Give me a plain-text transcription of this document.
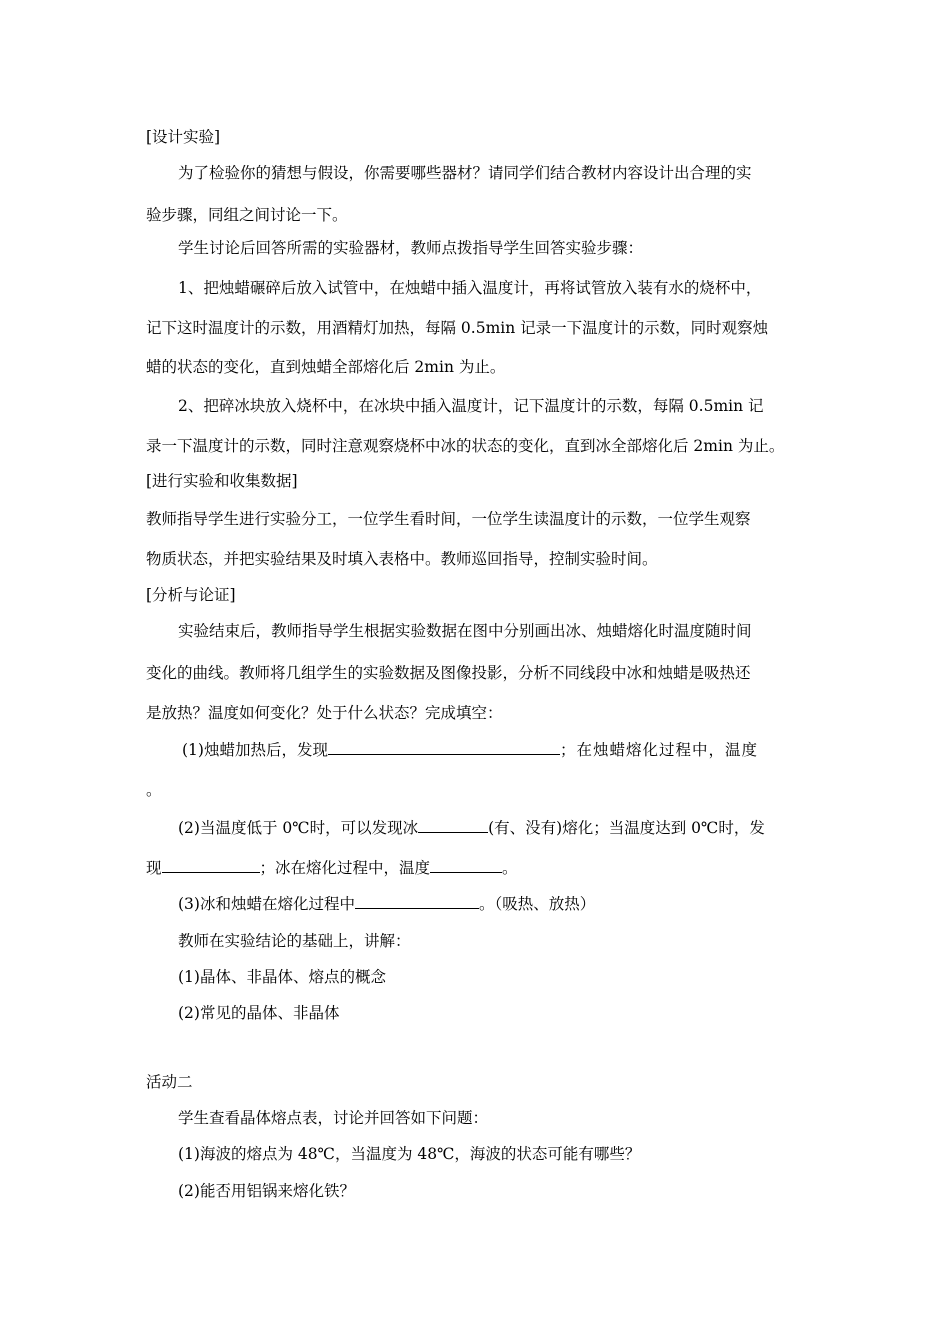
[设计实验]
为了检验你的猜想与假设，你需要哪些器材？请同学们结合教材内容设计出合理的实
验步骤，同组之间讨论一下。
学生讨论后回答所需的实验器材，教师点拨指导学生回答实验步骤：
1、把烛蜡碾碎后放入试管中，在烛蜡中插入温度计，再将试管放入装有水的烧杯中，
记下这时温度计的示数，用酒精灯加热，每隔 0.5min 记录一下温度计的示数，同时观察烛
蜡的状态的变化，直到烛蜡全部熔化后 2min 为止。
2、把碎冰块放入烧杯中，在冰块中插入温度计，记下温度计的示数，每隔 0.5min 记
录一下温度计的示数，同时注意观察烧杯中冰的状态的变化，直到冰全部熔化后 2min 为止。
[进行实验和收集数据]
教师指导学生进行实验分工，一位学生看时间，一位学生读温度计的示数，一位学生观察
物质状态，并把实验结果及时填入表格中。教师巡回指导，控制实验时间。
[分析与论证]
实验结束后，教师指导学生根据实验数据在图中分别画出冰、烛蜡熔化时温度随时间
变化的曲线。教师将几组学生的实验数据及图像投影，分析不同线段中冰和烛蜡是吸热还
是放热？温度如何变化？处于什么状态？完成填空：
(1)烛蜡加热后，发现	；在烛蜡熔化过程中，温度
。
(2)当温度低于 0℃时，可以发现冰	(有、没有)熔化；当温度达到 0℃时，发
现	；冰在熔化过程中，温度	。
(3)冰和烛蜡在熔化过程中	。（吸热、放热）
教师在实验结论的基础上，讲解：
(1)晶体、非晶体、熔点的概念
(2)常见的晶体、非晶体
活动二
学生查看晶体熔点表，讨论并回答如下问题：
(1)海波的熔点为 48℃，当温度为 48℃，海波的状态可能有哪些？
(2)能否用铝锅来熔化铁？
